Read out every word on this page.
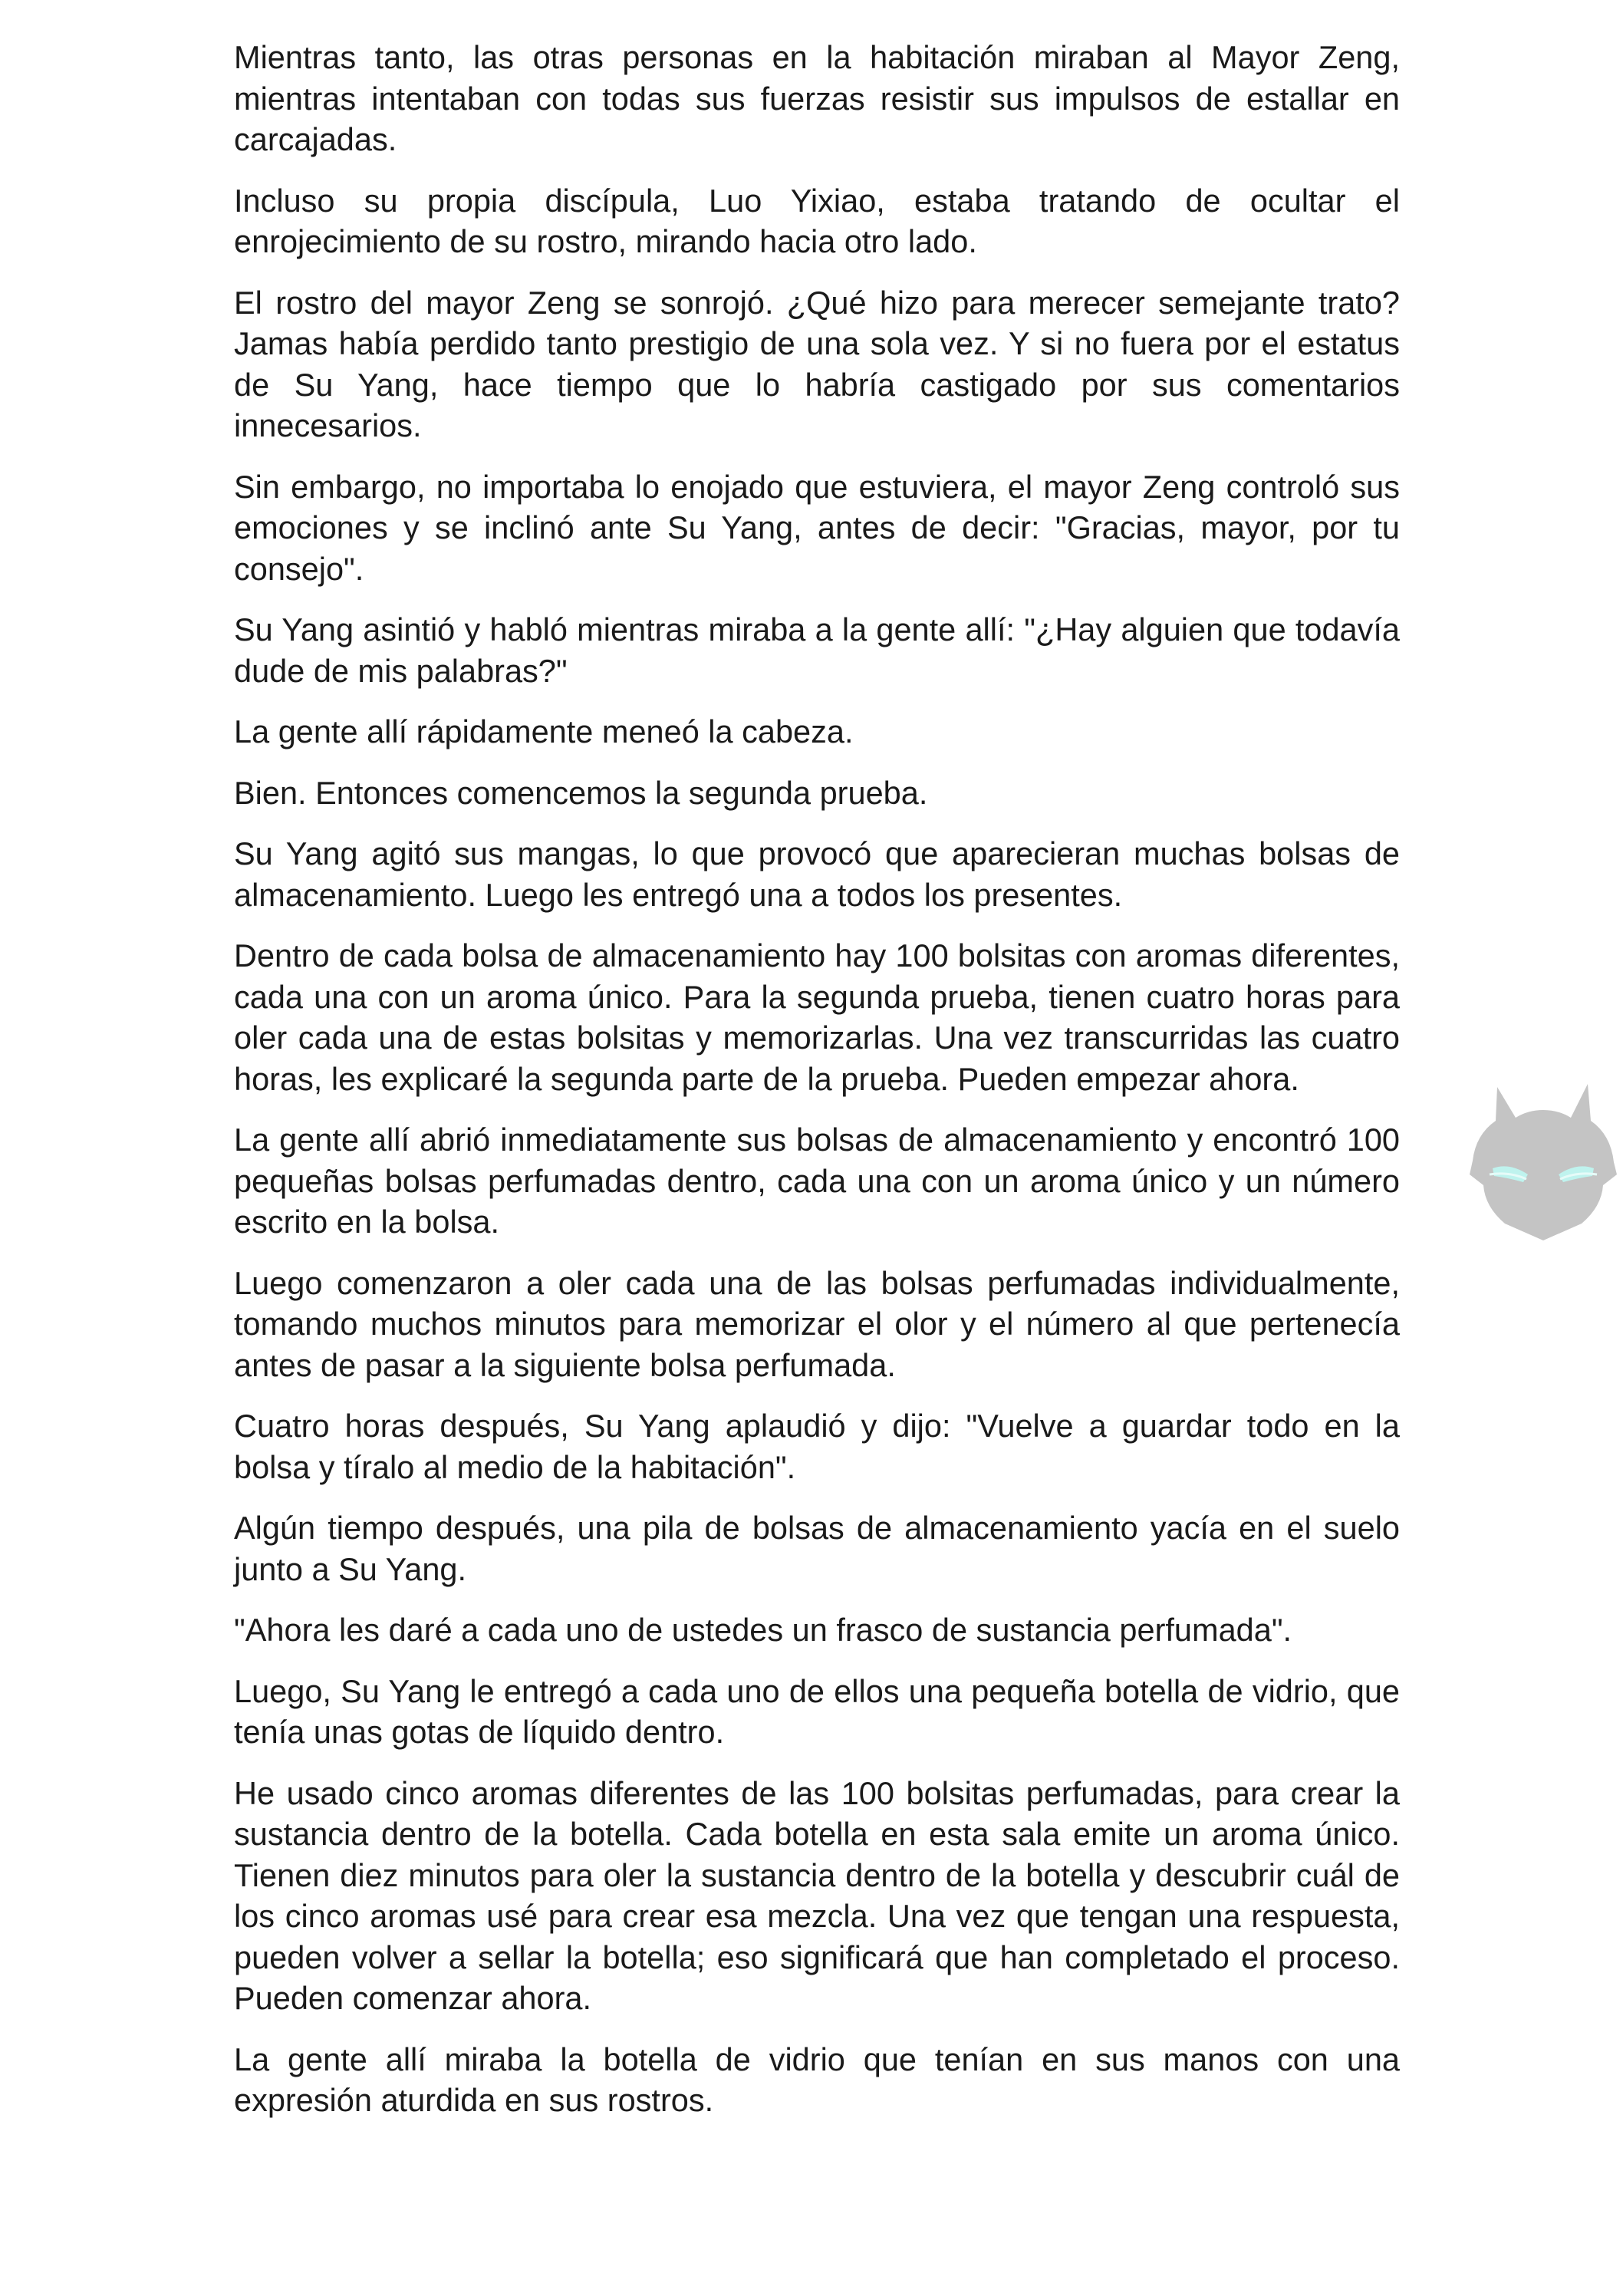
Mientras tanto, las otras personas en la habitación miraban al Mayor Zeng, mientras intentaban con todas sus fuerzas resistir sus impulsos de estallar en carcajadas.

Incluso su propia discípula, Luo Yixiao, estaba tratando de ocultar el enrojecimiento de su rostro, mirando hacia otro lado.

El rostro del mayor Zeng se sonrojó. ¿Qué hizo para merecer semejante trato? Jamas había perdido tanto prestigio de una sola vez. Y si no fuera por el estatus de Su Yang, hace tiempo que lo habría castigado por sus comentarios innecesarios.

Sin embargo, no importaba lo enojado que estuviera, el mayor Zeng controló sus emociones y se inclinó ante Su Yang, antes de decir: "Gracias, mayor, por tu consejo".

Su Yang asintió y habló mientras miraba a la gente allí: "¿Hay alguien que todavía dude de mis palabras?"

La gente allí rápidamente meneó la cabeza.

Bien. Entonces comencemos la segunda prueba.

Su Yang agitó sus mangas, lo que provocó que aparecieran muchas bolsas de almacenamiento. Luego les entregó una a todos los presentes.

Dentro de cada bolsa de almacenamiento hay 100 bolsitas con aromas diferentes, cada una con un aroma único. Para la segunda prueba, tienen cuatro horas para oler cada una de estas bolsitas y memorizarlas. Una vez transcurridas las cuatro horas, les explicaré la segunda parte de la prueba. Pueden empezar ahora.

La gente allí abrió inmediatamente sus bolsas de almacenamiento y encontró 100 pequeñas bolsas perfumadas dentro, cada una con un aroma único y un número escrito en la bolsa.

Luego comenzaron a oler cada una de las bolsas perfumadas individualmente, tomando muchos minutos para memorizar el olor y el número al que pertenecía antes de pasar a la siguiente bolsa perfumada.

Cuatro horas después, Su Yang aplaudió y dijo: "Vuelve a guardar todo en la bolsa y tíralo al medio de la habitación".

Algún tiempo después, una pila de bolsas de almacenamiento yacía en el suelo junto a Su Yang.

"Ahora les daré a cada uno de ustedes un frasco de sustancia perfumada".

Luego, Su Yang le entregó a cada uno de ellos una pequeña botella de vidrio, que tenía unas gotas de líquido dentro.

He usado cinco aromas diferentes de las 100 bolsitas perfumadas, para crear la sustancia dentro de la botella. Cada botella en esta sala emite un aroma único. Tienen diez minutos para oler la sustancia dentro de la botella y descubrir cuál de los cinco aromas usé para crear esa mezcla. Una vez que tengan una respuesta, pueden volver a sellar la botella; eso significará que han completado el proceso. Pueden comenzar ahora.

La gente allí miraba la botella de vidrio que tenían en sus manos con una expresión aturdida en sus rostros.
